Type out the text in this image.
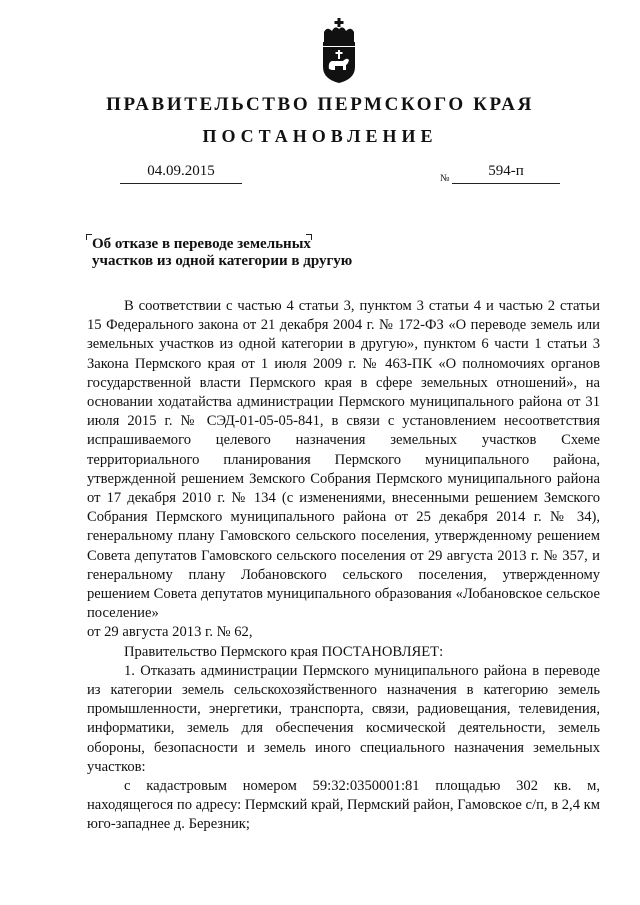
ПРАВИТЕЛЬСТВО ПЕРМСКОГО КРАЯ
ПОСТАНОВЛЕНИЕ
04.09.2015	№	594-п
Об отказе в переводе земельных
участков из одной категории в другую

В соответствии с частью 4 статьи 3, пунктом 3 статьи 4 и частью 2 статьи 15 Федерального закона от 21 декабря 2004 г. № 172-ФЗ «О переводе земель или земельных участков из одной категории в другую», пунктом 6 части 1 статьи 3 Закона Пермского края от 1 июля 2009 г. № 463-ПК «О полномочиях органов государственной власти Пермского края в сфере земельных отношений», на основании ходатайства администрации Пермского муниципального района от 31 июля 2015 г. № СЭД-01-05-05-841, в связи с установлением несоответствия испрашиваемого целевого назначения земельных участков Схеме территориального планирования Пермского муниципального района, утвержденной решением Земского Собрания Пермского муниципального района от 17 декабря 2010 г. № 134 (с изменениями, внесенными решением Земского Собрания Пермского муниципального района от 25 декабря 2014 г. № 34), генеральному плану Гамовского сельского поселения, утвержденному решением Совета депутатов Гамовского сельского поселения от 29 августа 2013 г. № 357, и генеральному плану Лобановского сельского поселения, утвержденному решением Совета депутатов муниципального образования «Лобановское сельское поселение»

от 29 августа 2013 г. № 62,

Правительство Пермского края ПОСТАНОВЛЯЕТ:

1. Отказать администрации Пермского муниципального района в переводе из категории земель сельскохозяйственного назначения в категорию земель промышленности, энергетики, транспорта, связи, радиовещания, телевидения, информатики, земель для обеспечения космической деятельности, земель обороны, безопасности и земель иного специального назначения земельных участков:

с кадастровым номером 59:32:0350001:81 площадью 302 кв. м, находящегося по адресу: Пермский край, Пермский район, Гамовское с/п, в 2,4 км юго-западнее д. Березник;
